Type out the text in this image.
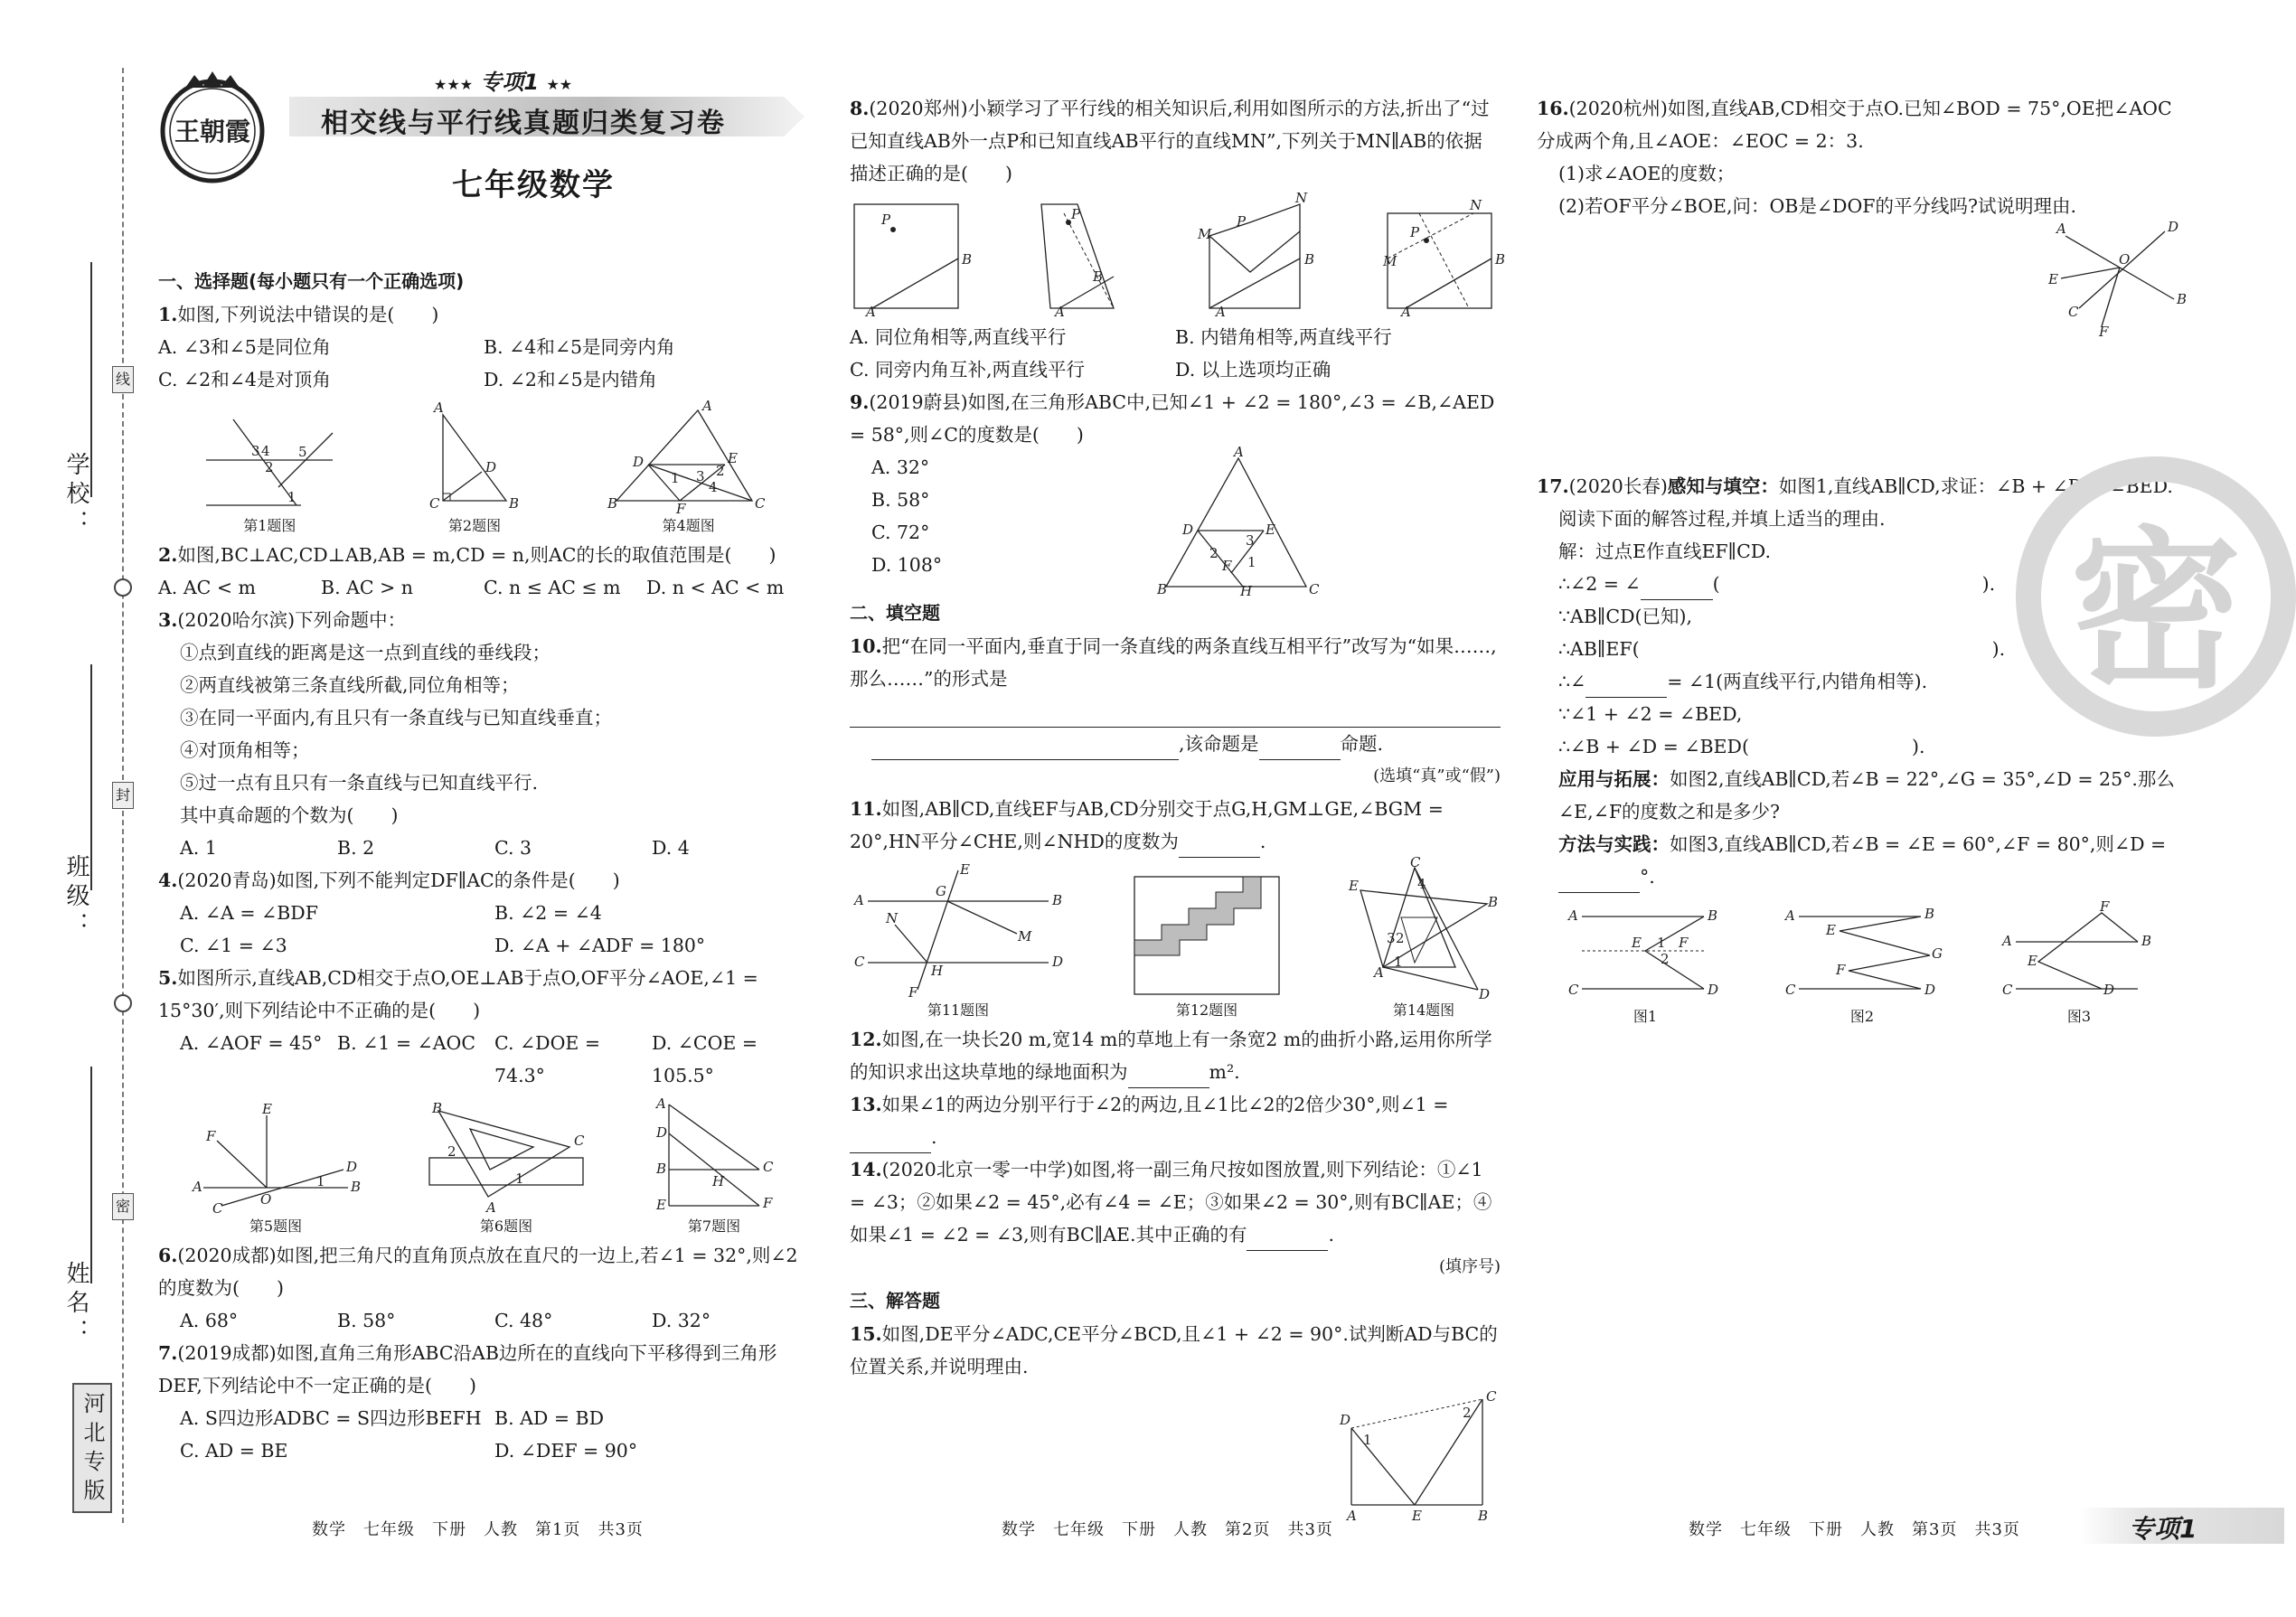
学校：
班级：
姓名：
线
封
密
河北专版
王朝霞
★★★ 专项1 ★★
相交线与平行线真题归类复习卷
七年级数学
一、选择题(每小题只有一个正确选项)
1.如图,下列说法中错误的是(　　)
A. ∠3和∠5是同位角	B. ∠4和∠5是同旁内角
C. ∠2和∠4是对顶角	D. ∠2和∠5是内错角
3 4
2
5
1
第1题图
A
C	B
D
第2题图
A
D	E
B	C
F
1 3
4
2
第4题图
2.如图,BC⊥AC,CD⊥AB,AB = m,CD = n,则AC的长的取值范围是(　　)
A. AC < m	B. AC > n	C. n ≤ AC ≤ m	D. n < AC < m
3.(2020哈尔滨)下列命题中：
①点到直线的距离是这一点到直线的垂线段；
②两直线被第三条直线所截,同位角相等；
③在同一平面内,有且只有一条直线与已知直线垂直；
④对顶角相等；
⑤过一点有且只有一条直线与已知直线平行.
其中真命题的个数为(　　)
A. 1	B. 2	C. 3	D. 4
4.(2020青岛)如图,下列不能判定DF∥AC的条件是(　　)
A. ∠A = ∠BDF	B. ∠2 = ∠4
C. ∠1 = ∠3	D. ∠A + ∠ADF = 180°
5.如图所示,直线AB,CD相交于点O,OE⊥AB于点O,OF平分∠AOE,∠1 = 15°30′,则下列结论中不正确的是(　　)
A. ∠AOF = 45° B. ∠1 = ∠AOC	C. ∠DOE = 74.3°
D. ∠COE = 105.5°
E
F
A	B
D
C
O
1
第5题图
B
C
A
2
1
第6题图
A
D
B
E
C
F
H
第7题图
6.(2020成都)如图,把三角尺的直角顶点放在直尺的一边上,若∠1 = 32°,则∠2的度数为(　　)
A. 68°	B. 58°	C. 48°	D. 32°
7.(2019成都)如图,直角三角形ABC沿AB边所在的直线向下平移得到三角形DEF,下列结论中不一定正确的是(　　)
A. S四边形ADBC = S四边形BEFH B. AD = BD
C. AD = BE	D. ∠DEF = 90°
8.(2020郑州)小颖学习了平行线的相关知识后,利用如图所示的方法,折出了“过已知直线AB外一点P和已知直线AB平行的直线MN”,下列关于MN∥AB的依据描述正确的是(　　)
P
B
A
P
B
A
N
M
P
B
A
N
M
P
B
A
A. 同位角相等,两直线平行	B. 内错角相等,两直线平行
C. 同旁内角互补,两直线平行	D. 以上选项均正确
9.(2019蔚县)如图,在三角形ABC中,已知∠1 + ∠2 = 180°,∠3 = ∠B,∠AED = 58°,则∠C的度数是(　　)
A. 32°
B. 58°
C. 72°
D. 108°
A
D	E
B	C
H
F
2
3
1
二、填空题
10.把“在同一平面内,垂直于同一条直线的两条直线互相平行”改写为“如果……,那么……”的形式是 ,该命题是	命题.
(选填“真”或“假”)
11.如图,AB∥CD,直线EF与AB,CD分别交于点G,H,GM⊥GE,∠BGM = 20°,HN平分∠CHE,则∠NHD的度数为	.
E
A	B
G
M
N
C	D
H
F
第11题图	第12题图
C
E
B
A
D
4
3 2
1
第14题图
12.如图,在一块长20 m,宽14 m的草地上有一条宽2 m的曲折小路,运用你所学的知识求出这块草地的绿地面积为	m².
13.如果∠1的两边分别平行于∠2的两边,且∠1比∠2的2倍少30°,则∠1 =.
14.(2020北京一零一中学)如图,将一副三角尺按如图放置,则下列结论：①∠1 = ∠3；②如果∠2 = 45°,必有∠4 = ∠E；③如果∠2 = 30°,则有BC∥AE；④如果∠1 = ∠2 = ∠3,则有BC∥AE.其中正确的有	.
(填序号)
三、解答题
15.如图,DE平分∠ADC,CE平分∠BCD,且∠1 + ∠2 = 90°.试判断AD与BC的位置关系,并说明理由.
D
C
A	E	B
1
2
16.(2020杭州)如图,直线AB,CD相交于点O.已知∠BOD = 75°,OE把∠AOC分成两个角,且∠AOE：∠EOC = 2：3.
(1)求∠AOE的度数；
(2)若OF平分∠BOE,问：OB是∠DOF的平分线吗?试说明理由.
A	D
E
O
B
C
F
17.(2020长春)感知与填空：如图1,直线AB∥CD,求证：∠B + ∠D = ∠BED.
阅读下面的解答过程,并填上适当的理由.
解：过点E作直线EF∥CD.
∴∠2 = ∠	(	).
∵AB∥CD(已知),
∴AB∥EF(	).
∴∠	= ∠1(两直线平行,内错角相等).
∵∠1 + ∠2 = ∠BED,
∴∠B + ∠D = ∠BED(	).
应用与拓展：如图2,直线AB∥CD,若∠B = 22°,∠G = 35°,∠D = 25°.那么∠E,∠F的度数之和是多少?
方法与实践：如图3,直线AB∥CD,若∠B = ∠E = 60°,∠F = 80°,则∠D =°.
A	B
C	D
E	F
1
2
图1
A	B
C	D
E
G
F
图2
A	B
C	D
F
E
图3
密
数学　七年级　下册　人教　第1页　共3页	数学　七年级　下册　人教　第2页　共3页	数学　七年级　下册　人教　第3页　共3页	专项1
